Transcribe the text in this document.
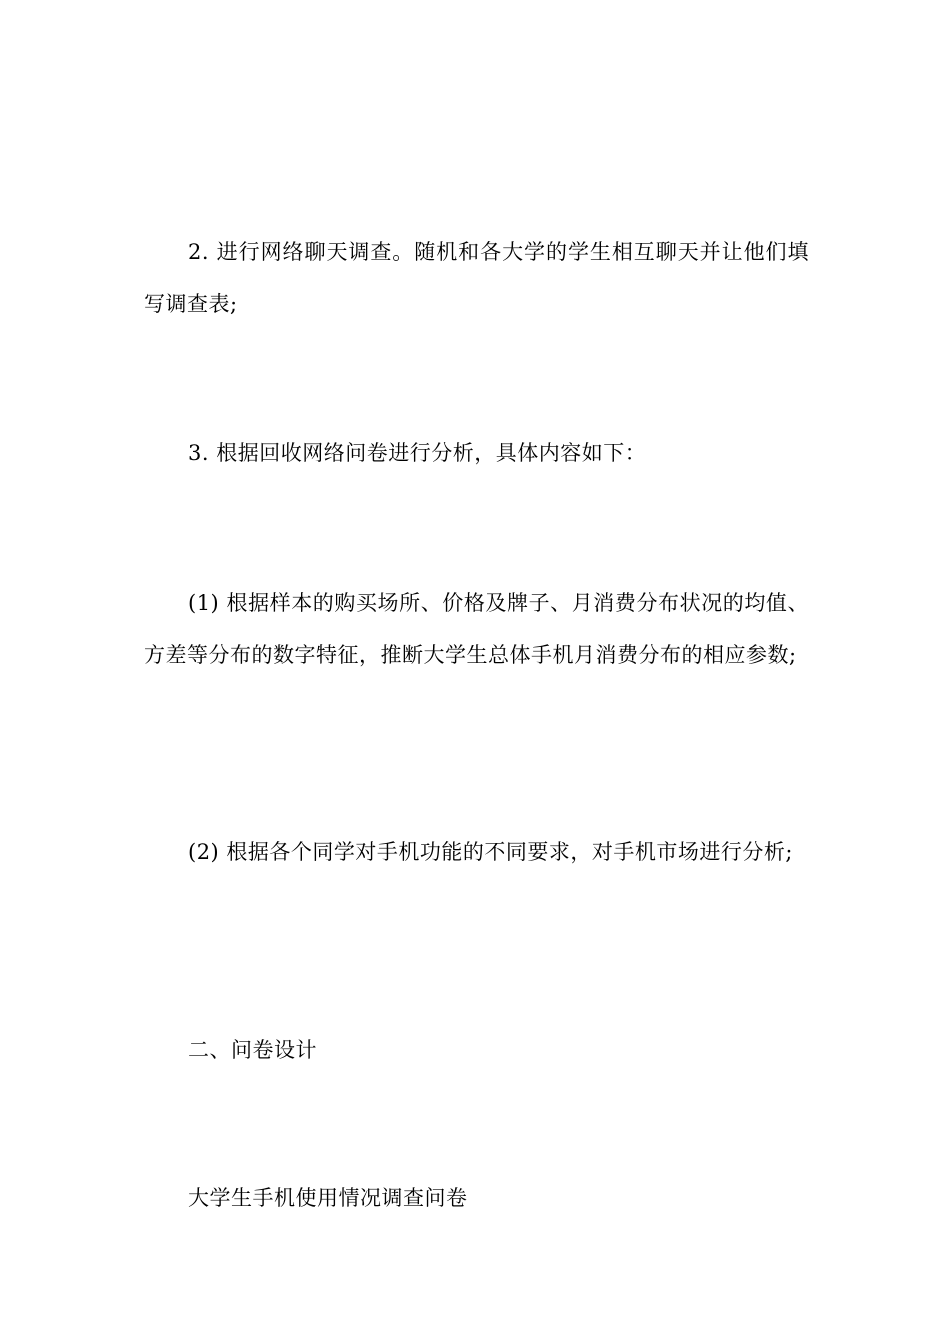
2. 进行网络聊天调查。随机和各大学的学生相互聊天并让他们填写调查表;

3. 根据回收网络问卷进行分析，具体内容如下：

(1) 根据样本的购买场所、价格及牌子、月消费分布状况的均值、方差等分布的数字特征，推断大学生总体手机月消费分布的相应参数;

(2) 根据各个同学对手机功能的不同要求，对手机市场进行分析;

二、问卷设计

大学生手机使用情况调查问卷
